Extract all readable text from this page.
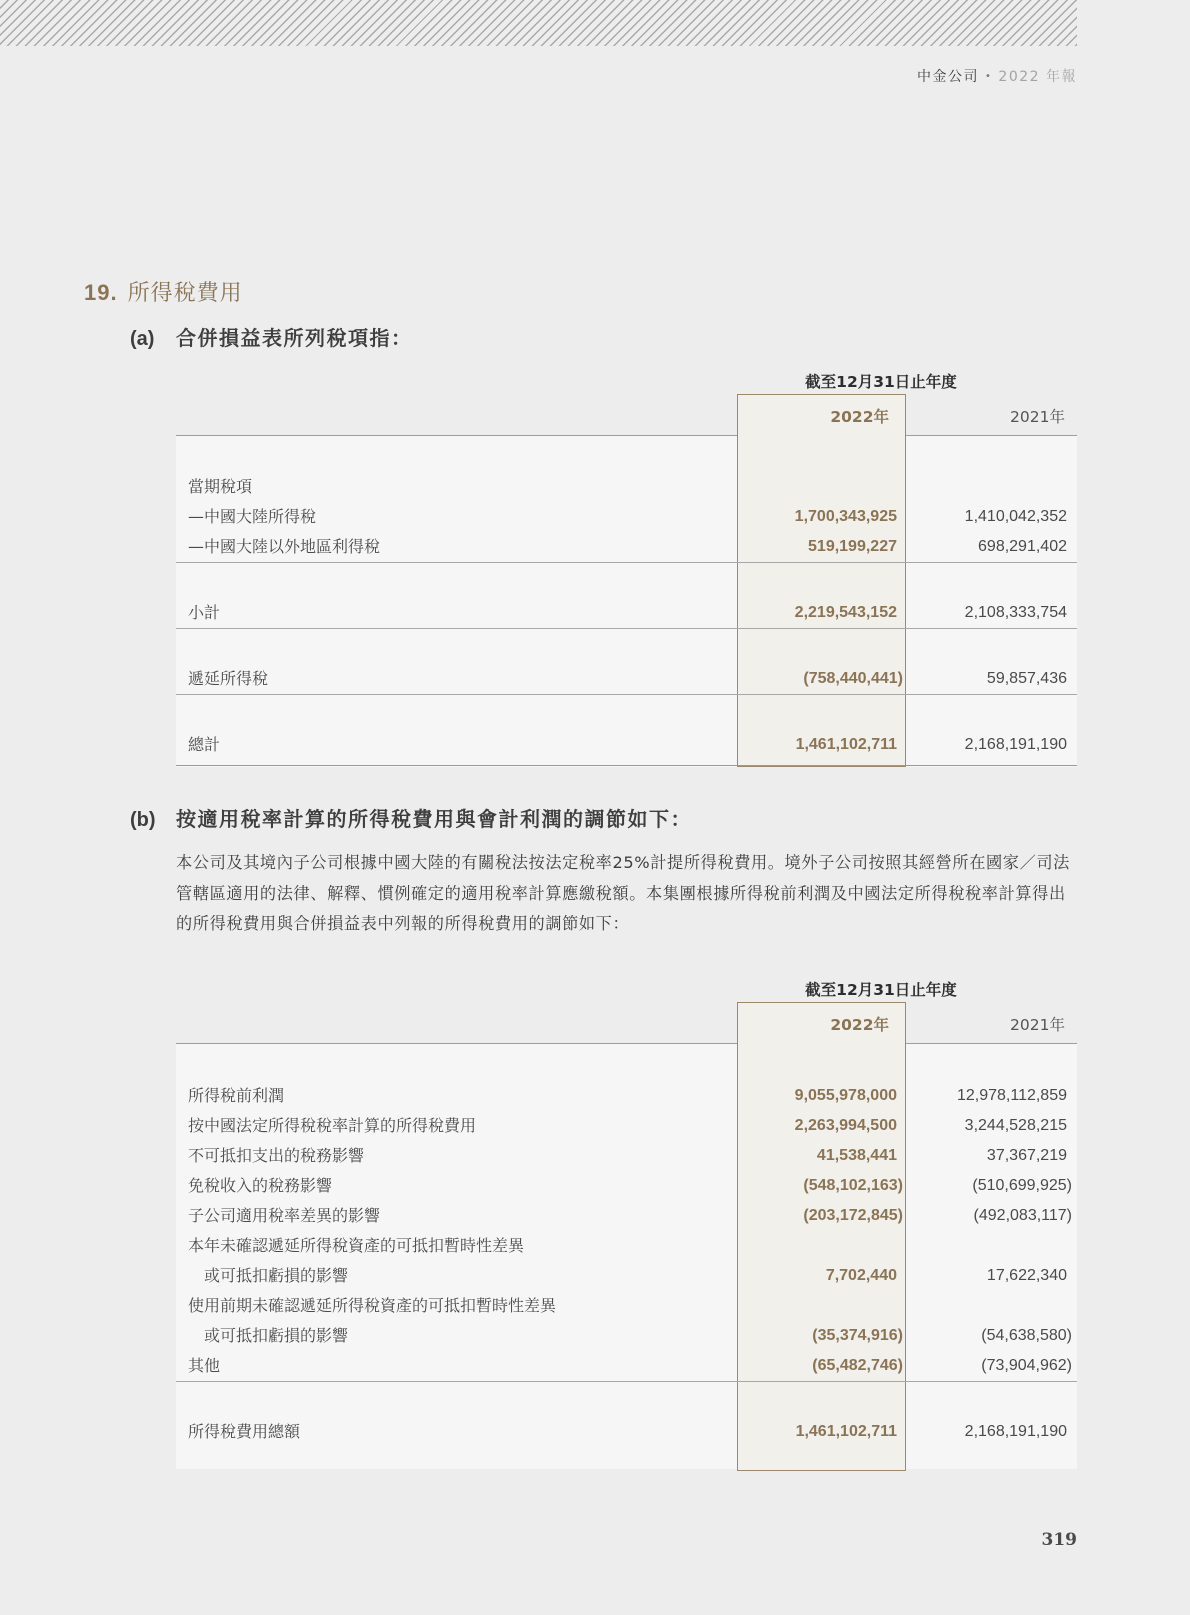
中金公司 • 2022 年報
19. 所得稅費用
(a) 合併損益表所列稅項指：
截至12月31日止年度
2022年	2021年
當期稅項
—中國大陸所得稅	1,700,343,925	1,410,042,352
—中國大陸以外地區利得稅	519,199,227	698,291,402
小計	2,219,543,152	2,108,333,754
遞延所得稅	(758,440,441)	59,857,436
總計	1,461,102,711	2,168,191,190
(b) 按適用稅率計算的所得稅費用與會計利潤的調節如下：

本公司及其境內子公司根據中國大陸的有關稅法按法定稅率25%計提所得稅費用。境外子公司按照其經營所在國家／司法管轄區適用的法律、解釋、慣例確定的適用稅率計算應繳稅額。本集團根據所得稅前利潤及中國法定所得稅稅率計算得出的所得稅費用與合併損益表中列報的所得稅費用的調節如下：

截至12月31日止年度
2022年	2021年
所得稅前利潤	9,055,978,000	12,978,112,859
按中國法定所得稅稅率計算的所得稅費用	2,263,994,500	3,244,528,215
不可抵扣支出的稅務影響	41,538,441	37,367,219
免稅收入的稅務影響	(548,102,163)	(510,699,925)
子公司適用稅率差異的影響	(203,172,845)	(492,083,117)
本年未確認遞延所得稅資產的可抵扣暫時性差異
或可抵扣虧損的影響	7,702,440	17,622,340
使用前期未確認遞延所得稅資產的可抵扣暫時性差異
或可抵扣虧損的影響	(35,374,916)	(54,638,580)
其他	(65,482,746)	(73,904,962)
所得稅費用總額	1,461,102,711	2,168,191,190
319
